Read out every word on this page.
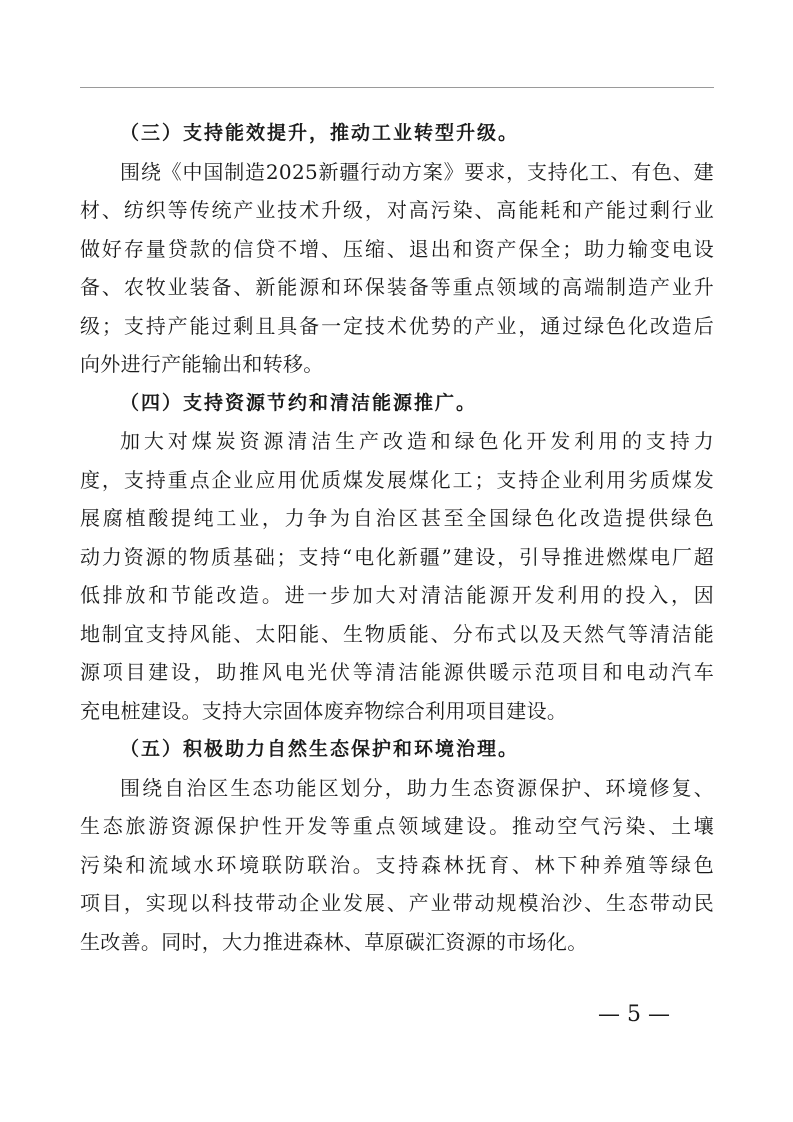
（三）支持能效提升，推动工业转型升级。
围绕《中国制造2025新疆行动方案》要求，支持化工、有色、建
材、纺织等传统产业技术升级，对高污染、高能耗和产能过剩行业
做好存量贷款的信贷不增、压缩、退出和资产保全；助力输变电设
备、农牧业装备、新能源和环保装备等重点领域的高端制造产业升
级；支持产能过剩且具备一定技术优势的产业，通过绿色化改造后
向外进行产能输出和转移。
（四）支持资源节约和清洁能源推广。
加大对煤炭资源清洁生产改造和绿色化开发利用的支持力
度，支持重点企业应用优质煤发展煤化工；支持企业利用劣质煤发
展腐植酸提纯工业，力争为自治区甚至全国绿色化改造提供绿色
动力资源的物质基础；支持“电化新疆”建设，引导推进燃煤电厂超
低排放和节能改造。进一步加大对清洁能源开发利用的投入，因
地制宜支持风能、太阳能、生物质能、分布式以及天然气等清洁能
源项目建设，助推风电光伏等清洁能源供暖示范项目和电动汽车
充电桩建设。支持大宗固体废弃物综合利用项目建设。
（五）积极助力自然生态保护和环境治理。
围绕自治区生态功能区划分，助力生态资源保护、环境修复、
生态旅游资源保护性开发等重点领域建设。推动空气污染、土壤
污染和流域水环境联防联治。支持森林抚育、林下种养殖等绿色
项目，实现以科技带动企业发展、产业带动规模治沙、生态带动民
生改善。同时，大力推进森林、草原碳汇资源的市场化。
— 5 —
